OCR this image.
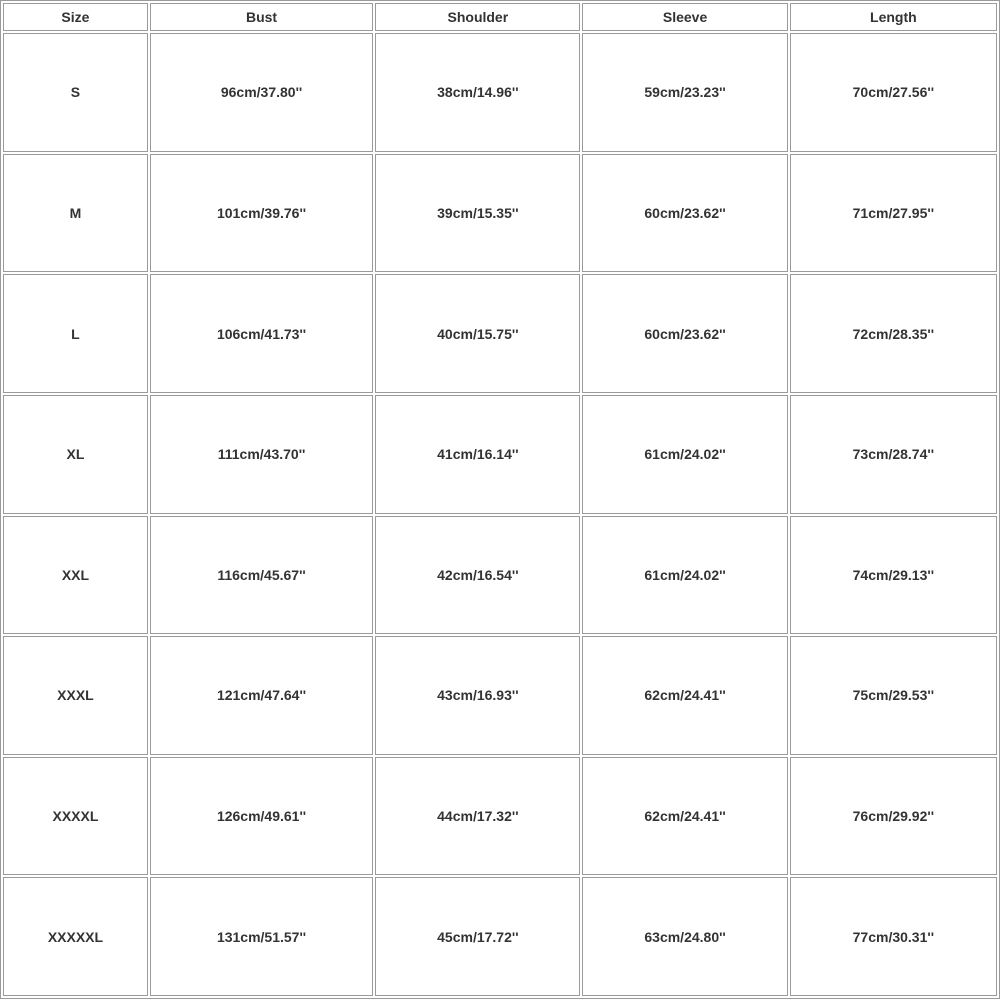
Size	Bust	Shoulder	Sleeve	Length
S	96cm/37.80''	38cm/14.96''	59cm/23.23''	70cm/27.56''
M	101cm/39.76''	39cm/15.35''	60cm/23.62''	71cm/27.95''
L	106cm/41.73''	40cm/15.75''	60cm/23.62''	72cm/28.35''
XL	111cm/43.70''	41cm/16.14''	61cm/24.02''	73cm/28.74''
XXL	116cm/45.67''	42cm/16.54''	61cm/24.02''	74cm/29.13''
XXXL	121cm/47.64''	43cm/16.93''	62cm/24.41''	75cm/29.53''
XXXXL	126cm/49.61''	44cm/17.32''	62cm/24.41''	76cm/29.92''
XXXXXL	131cm/51.57''	45cm/17.72''	63cm/24.80''	77cm/30.31''
